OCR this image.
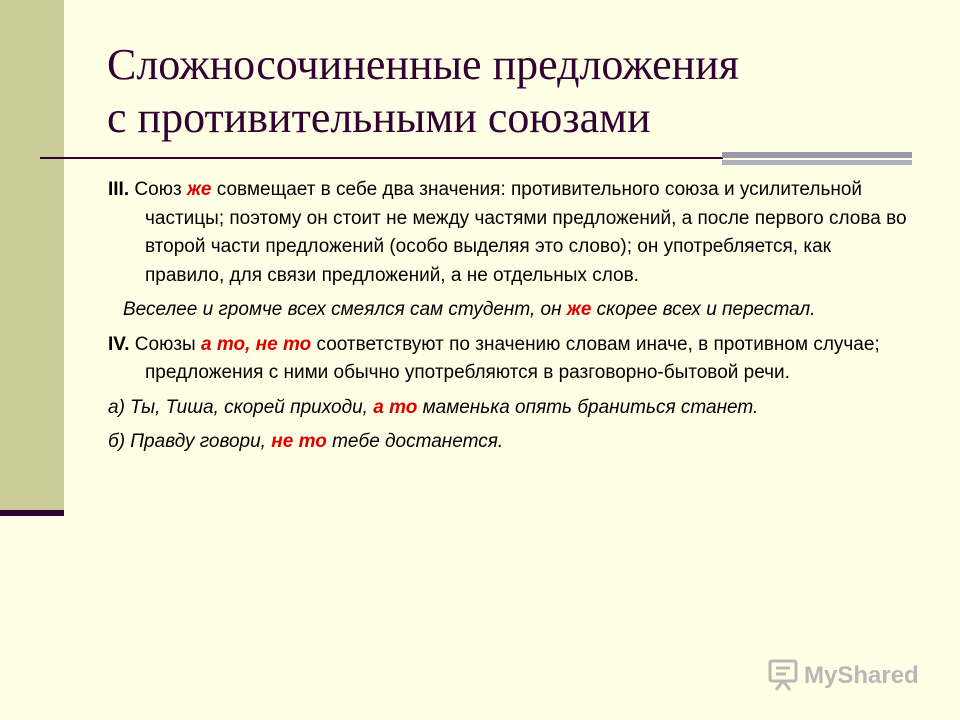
Сложносочиненные предложения
с противительными союзами

III. Союз же совмещает в себе два значения: противительного союза и усилительной частицы; поэтому он стоит не между частями предложений, а после первого слова во второй части предложений (особо выделяя это слово); он употребляется, как правило, для связи предложений, а не отдельных слов.

Веселее и громче всех смеялся сам студент, он же скорее всех и перестал.

IV. Союзы а то, не то соответствуют по значению словам иначе, в противном случае; предложения с ними обычно употребляются в разговорно-бытовой речи.

а) Ты, Тиша, скорей приходи, а то маменька опять браниться станет.

б) Правду говори, не то тебе достанется.

MyShared
